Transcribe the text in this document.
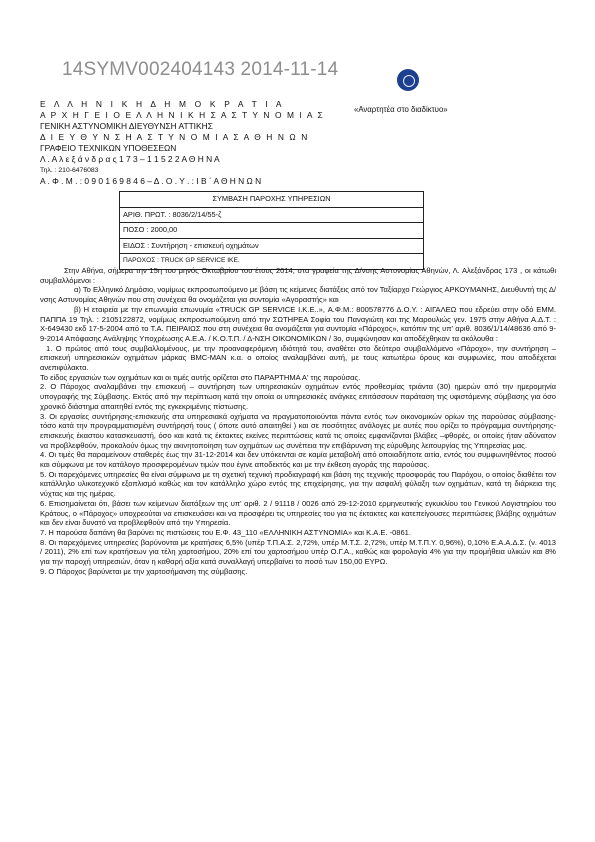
14SYMV002404143 2014-11-14
Ε Λ Λ Η Ν Ι Κ Η Δ Η Μ Ο Κ Ρ Α Τ Ι Α
Α Ρ Χ Η Γ Ε Ι Ο Ε Λ Λ Η Ν Ι Κ Η Σ Α Σ Τ Υ Ν Ο Μ Ι Α Σ
ΓΕΝΙΚΗ ΑΣΤΥΝΟΜΙΚΗ ΔΙΕΥΘΥΝΣΗ ΑΤΤΙΚΗΣ
Δ Ι Ε Υ Θ Υ Ν Σ Η Α Σ Τ Υ Ν Ο Μ Ι Α Σ Α Θ Η Ν Ω Ν
ΓΡΑΦΕΙΟ ΤΕΧΝΙΚΩΝ ΥΠΟΘΕΣΕΩΝ
Λ . Α λ ε ξ ά ν δ ρ α ς 1 7 3 – 1 1 5 2 2 Α Θ Η Ν Α
Τηλ. : 210-6476083
Α . Φ . Μ . : 0 9 0 1 6 9 8 4 6 – Δ . Ο . Υ . : Ι Β ΄ Α Θ Η Ν Ω Ν
«Αναρτητέα στο διαδίκτυο»
ΣΥΜΒΑΣΗ ΠΑΡΟΧΗΣ ΥΠΗΡΕΣΙΩΝ
ΑΡΙΘ. ΠΡΩΤ. : 8036/2/14/55-ζ
ΠΟΣΟ : 2000,00
ΕΙΔΟΣ : Συντήρηση - επισκευή οχημάτων
ΠΑΡΟΧΟΣ : TRUCK GP SERVICE IKE.

Στην Αθήνα, σήμερα την 15η του μηνός Οκτωβρίου του έτους 2014, στα γραφεία της Δ/νσης Αστυνομίας Αθηνών, Λ. Αλεξάνδρας 173 , οι κάτωθι συμβαλλόμενοι :

α) Το Ελληνικό Δημόσιο, νομίμως εκπροσωπούμενο με βάση τις κείμενες διατάξεις από τον Ταξίαρχο Γεώργιος ΑΡΚΟΥΜΑΝΗΣ, Διευθυντή της Δ/νσης Αστυνομίας Αθηνών που στη συνέχεια θα ονομάζεται για συντομία «Αγοραστής» και

β) Η εταιρεία με την επωνυμία επωνυμία «TRUCK GP SERVICE I.K.E..», Α.Φ.Μ.: 800578776 Δ.Ο.Υ. : ΑΙΓΑΛΕΩ που εδρεύει στην οδό ΕΜΜ. ΠΑΠΠΑ 19 Τηλ. : 2105122872, νομίμως εκπροσωπούμενη από την ΣΩΤΗΡΕΑ Σοφία του Παναγιώτη και της Μαρουλιώς γεν. 1975 στην Αθήνα Α.Δ.Τ. : Χ-649430 εκδ 17-5-2004 από το Τ.Α. ΠΕΙΡΑΙΩΣ που στη συνέχεια θα ονομάζεται για συντομία «Πάροχος», κατόπιν της υπ' αριθ. 8036/1/14/48636 από 9-9-2014 Απόφασης Ανάληψης Υποχρέωσης Α.Ε.Α. / Κ.Ο.Τ.Π. / Δ-ΝΣΗ ΟΙΚΟΝΟΜΙΚΩΝ / 3ο, συμφώνησαν και αποδέχθηκαν τα ακόλουθα :

1. Ο πρώτος από τους συμβαλλομένους, με την προαναφερόμενη ιδιότητά του, αναθέτει στο δεύτερο συμβαλλόμενο «Πάροχο», την συντήρηση – επισκευή υπηρεσιακών οχημάτων μάρκας BMC-MAN κ.α. ο οποίος αναλαμβάνει αυτή, με τους κατωτέρω όρους και συμφωνίες, που αποδέχεται ανεπιφύλακτα.

Το είδος εργασιών των οχημάτων και οι τιμές αυτής ορίζεται στο ΠΑΡΑΡΤΗΜΑ Α' της παρούσας.

2. Ο Πάροχος αναλαμβάνει την επισκευή – συντήρηση των υπηρεσιακών οχημάτων εντός προθεσμίας τριάντα (30) ημερών από την ημερομηνία υπογραφής της Σύμβασης. Εκτός από την περίπτωση κατά την οποία οι υπηρεσιακές ανάγκες επιτάσσουν παράταση της υφιστάμενης σύμβασης για όσο χρονικό διάστημα απαιτηθεί εντός της εγκεκριμένης πίστωσης.

3. Οι εργασίες συντήρησης-επισκευής στα υπηρεσιακά οχήματα να πραγματοποιούνται πάντα εντός των οικονομικών ορίων της παρούσας σύμβασης-τόσο κατά την προγραμματισμένη συντήρησή τους ( όποτε αυτό απαιτηθεί ) και σε ποσότητες ανάλογες με αυτές που ορίζει το πρόγραμμα συντήρησης-επισκευής έκαστου κατασκευαστή, όσο και κατά τις έκτακτες εκείνες περιπτώσεις κατά τις οποίες εμφανίζονται βλάβες –φθορές, οι οποίες ήταν αδύνατον να προβλεφθούν, προκαλούν όμως την ακινητοποίηση των οχημάτων ως συνέπεια την επιβάρυνση της εύρυθμης λειτουργίας της Υπηρεσίας μας.

4. Οι τιμές θα παραμείνουν σταθερές έως την 31-12-2014 και δεν υπόκεινται σε καμία μεταβολή από οποιαδήποτε αιτία, εντός του συμφωνηθέντος ποσού και σύμφωνα με τον κατάλογο προσφερομένων τιμών που έγινε αποδεκτός και με την έκθεση αγοράς της παρούσας.

5. Οι παρεχόμενες υπηρεσίες θα είναι σύμφωνα με τη σχετική τεχνική προδιαγραφή και βάση της τεχνικής προσφοράς του Παρόχου, ο οποίος διαθέτει τον κατάλληλο υλικοτεχνικό εξοπλισμό καθώς και τον κατάλληλο χώρο εντός της επιχείρησης, για την ασφαλή φύλαξη των οχημάτων, κατά τη διάρκεια της νύχτας και της ημέρας.

6. Επισημαίνεται ότι, βάσει των κείμενων διατάξεων της υπ' αριθ. 2 / 91118 / 0026 από 29-12-2010 ερμηνευτικής εγκυκλίου του Γενικού Λογιστηρίου του Κράτους, ο «Πάροχος» υποχρεούται να επισκευάσει και να προσφέρει τις υπηρεσίες του για τις έκτακτες και κατεπείγουσες περιπτώσεις βλάβης οχημάτων και δεν είναι δυνατό να προβλεφθούν από την Υπηρεσία.

7. Η παρούσα δαπάνη θα βαρύνει τις πιστώσεις του Ε.Φ. 43_110 «ΕΛΛΗΝΙΚΗ ΑΣΤΥΝΟΜΙΑ» και Κ.Α.Ε. -0861.

8. Οι παρεχόμενες υπηρεσίες βαρύνονται με κρατήσεις 6,5% (υπέρ Τ.Π.Α.Σ. 2,72%, υπέρ Μ.Τ.Σ. 2,72%, υπέρ Μ.Τ.Π.Υ. 0,96%), 0,10% Ε.Α.Α.Δ.Σ. (ν. 4013 / 2011), 2% επί των κρατήσεων για τέλη χαρτοσήμου, 20% επί του χαρτοσήμου υπέρ Ο.Γ.Α., καθώς και φορολογία 4% για την προμήθεια υλικών και 8% για την παροχή υπηρεσιών, όταν η καθαρή αξία κατά συναλλαγή υπερβαίνει το ποσό των 150,00 ΕΥΡΩ.

9. Ο Πάροχος βαρύνεται με την χαρτοσήμανση της σύμβασης.
